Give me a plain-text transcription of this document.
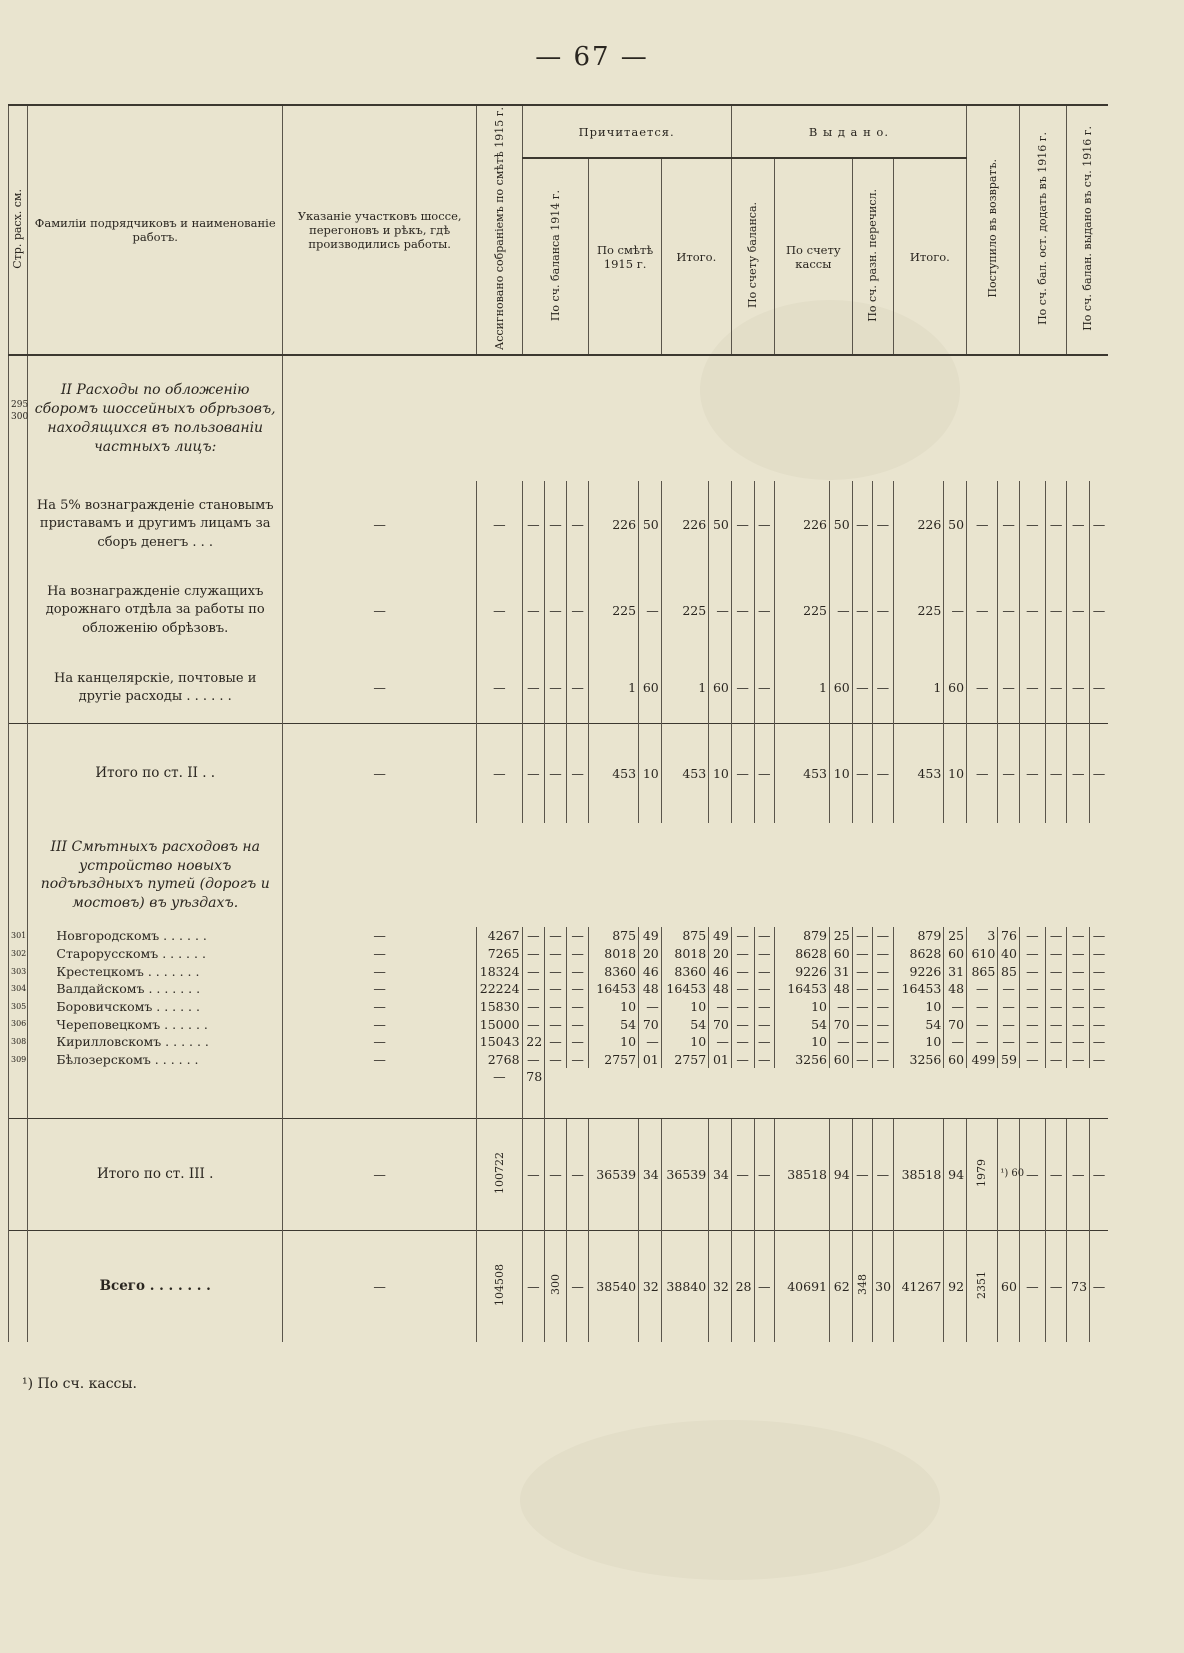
— 67 —
Стр. расх. см.	Фамиліи подрядчиковъ и наименованіе работъ.	Указаніе участковъ шоссе, перегоновъ и рѣкъ, гдѣ производились работы.	Ассигновано собраніемъ по смѣтѣ 1915 г.	Причитается.							В ы д а н о.								Поступило въ возвратъ.		По сч. бал. ост. додать въ 1916 г.		По сч. балан. выдано въ сч. 1916 г.	
				По сч. баланса 1914 г.			По смѣтѣ 1915 г.		Итого.		По счету баланса.		По счету кассы		По сч. разн. перечисл.		Итого.							
295 300	II Расходы по обложенію сборомъ шоссейныхъ обрѣзовъ, находящихся въ пользованіи частныхъ лицъ:																							
	На 5% вознагражденіе становымъ приставамъ и другимъ лицамъ за сборъ денегъ . . .	—	—	—	—	—	226	50	226	50	—	—	226	50	—	—	226	50	—	—	—	—	—	—
	На вознагражденіе служащихъ дорожнаго отдѣла за работы по обложенію обрѣзовъ.	—	—	—	—	—	225	—	225	—	—	—	225	—	—	—	225	—	—	—	—	—	—	—
	На канцелярскіе, почтовые и другіе расходы . . . . . .	—	—	—	—	—	1	60	1	60	—	—	1	60	—	—	1	60	—	—	—	—	—	—
	Итого по ст. II . .	—	—	—	—	—	453	10	453	10	—	—	453	10	—	—	453	10	—	—	—	—	—	—
	III Смѣтныхъ расходовъ на устройство новыхъ подъѣздныхъ путей (дорогъ и мостовъ) въ уѣздахъ.																							
301	Новгородскомъ . . . . . .	—	4267	—	—	—	875	49	875	49	—	—	879	25	—	—	879	25	3	76	—	—	—	—
302	Старорусскомъ . . . . . .	—	7265	—	—	—	8018	20	8018	20	—	—	8628	60	—	—	8628	60	610	40	—	—	—	—
303	Крестецкомъ . . . . . . .	—	18324	—	—	—	8360	46	8360	46	—	—	9226	31	—	—	9226	31	865	85	—	—	—	—
304	Валдайскомъ . . . . . . .	—	22224	—	—	—	16453	48	16453	48	—	—	16453	48	—	—	16453	48	—	—	—	—	—	—
305	Боровичскомъ . . . . . .	—	15830	—	—	—	10	—	10	—	—	—	10	—	—	—	10	—	—	—	—	—	—	—
306	Череповецкомъ . . . . . .	—	15000	—	—	—	54	70	54	70	—	—	54	70	—	—	54	70	—	—	—	—	—	—
308	Кирилловскомъ . . . . . .	—	15043	22	—	—	10	—	10	—	—	—	10	—	—	—	10	—	—	—	—	—	—	—
309	Бѣлозерскомъ . . . . . .	—	2768	—	—	—	2757	01	2757	01	—	—	3256	60	—	—	3256	60	499	59	—	—	—	—
			—	78																				
	Итого по ст. III .	—	100722	—	—	—	36539	34	36539	34	—	—	38518	94	—	—	38518	94	1979	¹) 60	—	—	—	—
	Всего . . . . . . .	—	104508	—	300	—	38540	32	38840	32	28	—	40691	62	348	30	41267	92	2351	60	—	—	73	—
¹) По сч. кассы.
